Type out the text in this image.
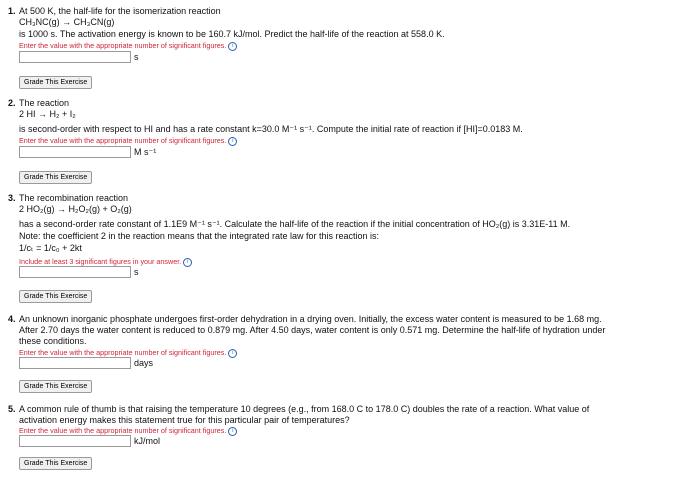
1. At 500 K, the half-life for the isomerization reaction
CH₃NC(g) → CH₃CN(g)
is 1000 s. The activation energy is known to be 160.7 kJ/mol. Predict the half-life of the reaction at 558.0 K.
Enter the value with the appropriate number of significant figures. i
s
Grade This Exercise
2. The reaction
2 HI → H₂ + I₂
is second-order with respect to HI and has a rate constant k=30.0 M⁻¹ s⁻¹. Compute the initial rate of reaction if [HI]=0.0183 M.
Enter the value with the appropriate number of significant figures. i
M s⁻¹
Grade This Exercise
3. The recombination reaction
2 HO₂(g) → H₂O₂(g) + O₂(g)
has a second-order rate constant of 1.1E9 M⁻¹ s⁻¹. Calculate the half-life of the reaction if the initial concentration of HO₂(g) is 3.31E-11 M.
Note: the coefficient 2 in the reaction means that the integrated rate law for this reaction is:
1/cₜ = 1/c₀ + 2kt
Include at least 3 significant figures in your answer. i
s
Grade This Exercise
4. An unknown inorganic phosphate undergoes first-order dehydration in a drying oven. Initially, the excess water content is measured to be 1.68 mg.
After 2.70 days the water content is reduced to 0.879 mg. After 4.50 days, water content is only 0.571 mg. Determine the half-life of hydration under
these conditions.
Enter the value with the appropriate number of significant figures. i
days
Grade This Exercise
5. A common rule of thumb is that raising the temperature 10 degrees (e.g., from 168.0 C to 178.0 C) doubles the rate of a reaction. What value of
activation energy makes this statement true for this particular pair of temperatures?
Enter the value with the appropriate number of significant figures. i
kJ/mol
Grade This Exercise
